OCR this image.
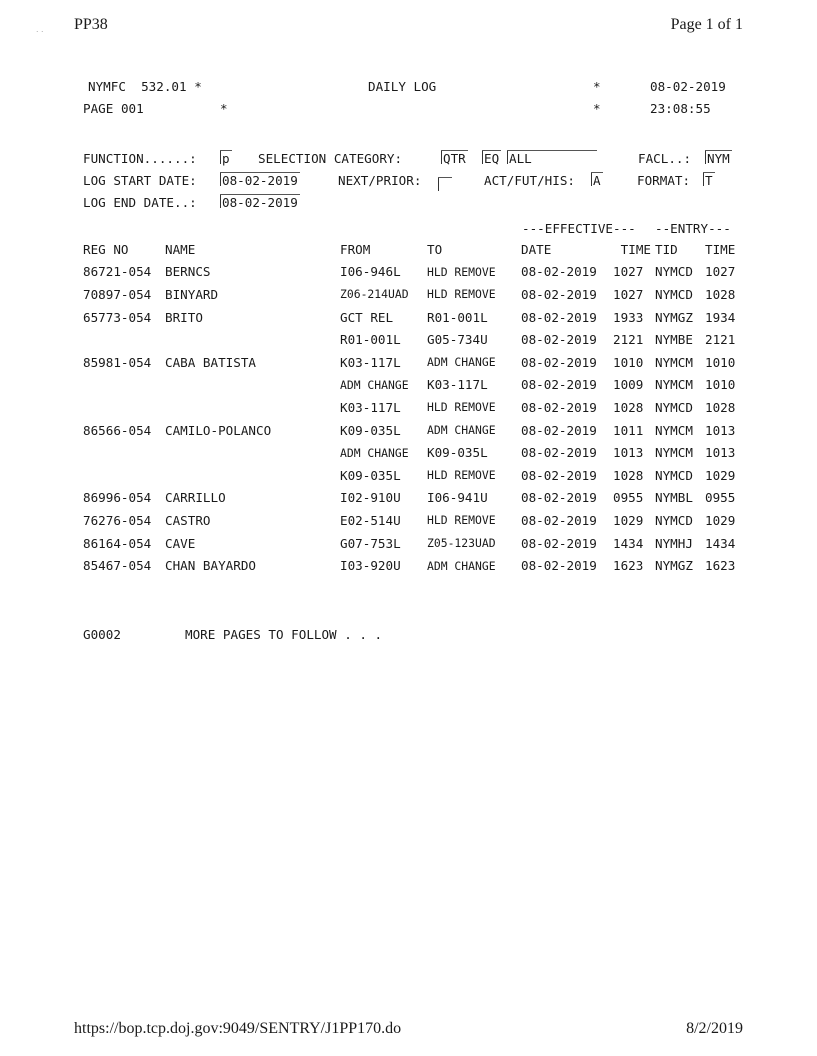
PP38	Page 1 of 1
. .
NYMFC 532.01 *	DAILY LOG	*	08-02-2019
PAGE 001	*	*	23:08:55
FUNCTION......: p SELECTION CATEGORY:	QTR EQ ALL	FACL..: NYM
LOG START DATE: 08-02-2019	NEXT/PRIOR:	ACT/FUT/HIS: A	FORMAT: T
LOG END DATE..: 08-02-2019
---EFFECTIVE--- --ENTRY---
REG NO	NAME	FROM	TO	DATE	TIME	TID	TIME
86721-054	BERNCS	I06-946L	HLD REMOVE	08-02-2019	1027	NYMCD	1027
70897-054	BINYARD	Z06-214UAD	HLD REMOVE	08-02-2019	1027	NYMCD	1028
65773-054	BRITO	GCT REL	R01-001L	08-02-2019	1933	NYMGZ	1934
		R01-001L	G05-734U	08-02-2019	2121	NYMBE	2121
85981-054	CABA BATISTA	K03-117L	ADM CHANGE	08-02-2019	1010	NYMCM	1010
		ADM CHANGE	K03-117L	08-02-2019	1009	NYMCM	1010
		K03-117L	HLD REMOVE	08-02-2019	1028	NYMCD	1028
86566-054	CAMILO-POLANCO	K09-035L	ADM CHANGE	08-02-2019	1011	NYMCM	1013
		ADM CHANGE	K09-035L	08-02-2019	1013	NYMCM	1013
		K09-035L	HLD REMOVE	08-02-2019	1028	NYMCD	1029
86996-054	CARRILLO	I02-910U	I06-941U	08-02-2019	0955	NYMBL	0955
76276-054	CASTRO	E02-514U	HLD REMOVE	08-02-2019	1029	NYMCD	1029
86164-054	CAVE	G07-753L	Z05-123UAD	08-02-2019	1434	NYMHJ	1434
85467-054	CHAN BAYARDO	I03-920U	ADM CHANGE	08-02-2019	1623	NYMGZ	1623
G0002	MORE PAGES TO FOLLOW . . .
https://bop.tcp.doj.gov:9049/SENTRY/J1PP170.do	8/2/2019
